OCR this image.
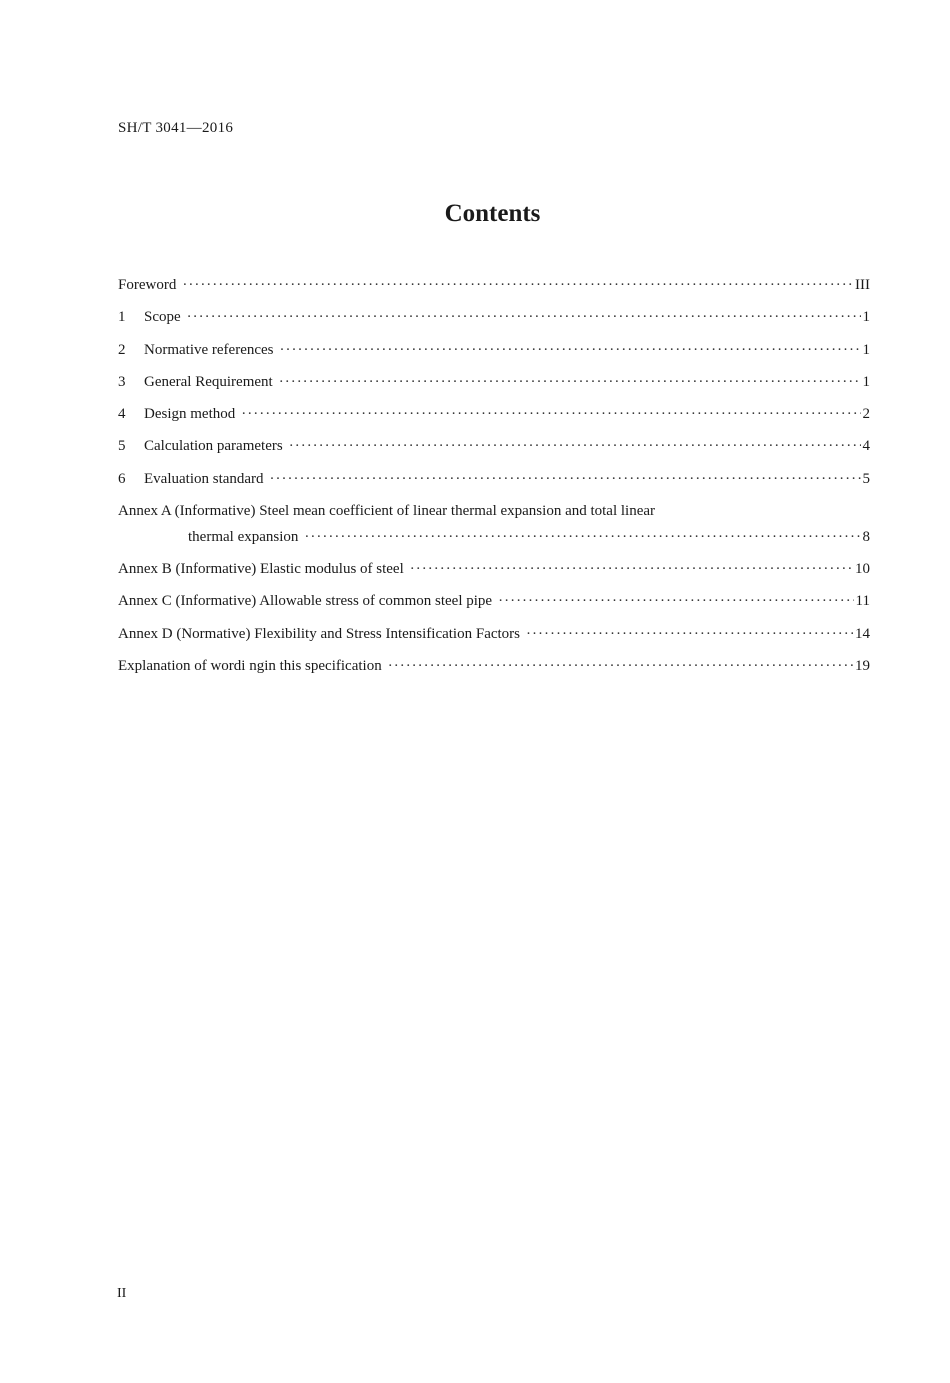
SH/T 3041—2016
Contents
Foreword ·····	III
1	Scope ·····	1
2	Normative references ·····	1
3	General Requirement ·····	1
4	Design method ·····	2
5	Calculation parameters ·····	4
6	Evaluation standard ·····	5
Annex A (Informative) Steel mean coefficient of linear thermal expansion and total linear
thermal expansion ·····	8
Annex B (Informative) Elastic modulus of steel ·····	10
Annex C (Informative) Allowable stress of common steel pipe ·····	11
Annex D (Normative) Flexibility and Stress Intensification Factors ·····	14
Explanation of wordi ngin this specification ·····	19
II
